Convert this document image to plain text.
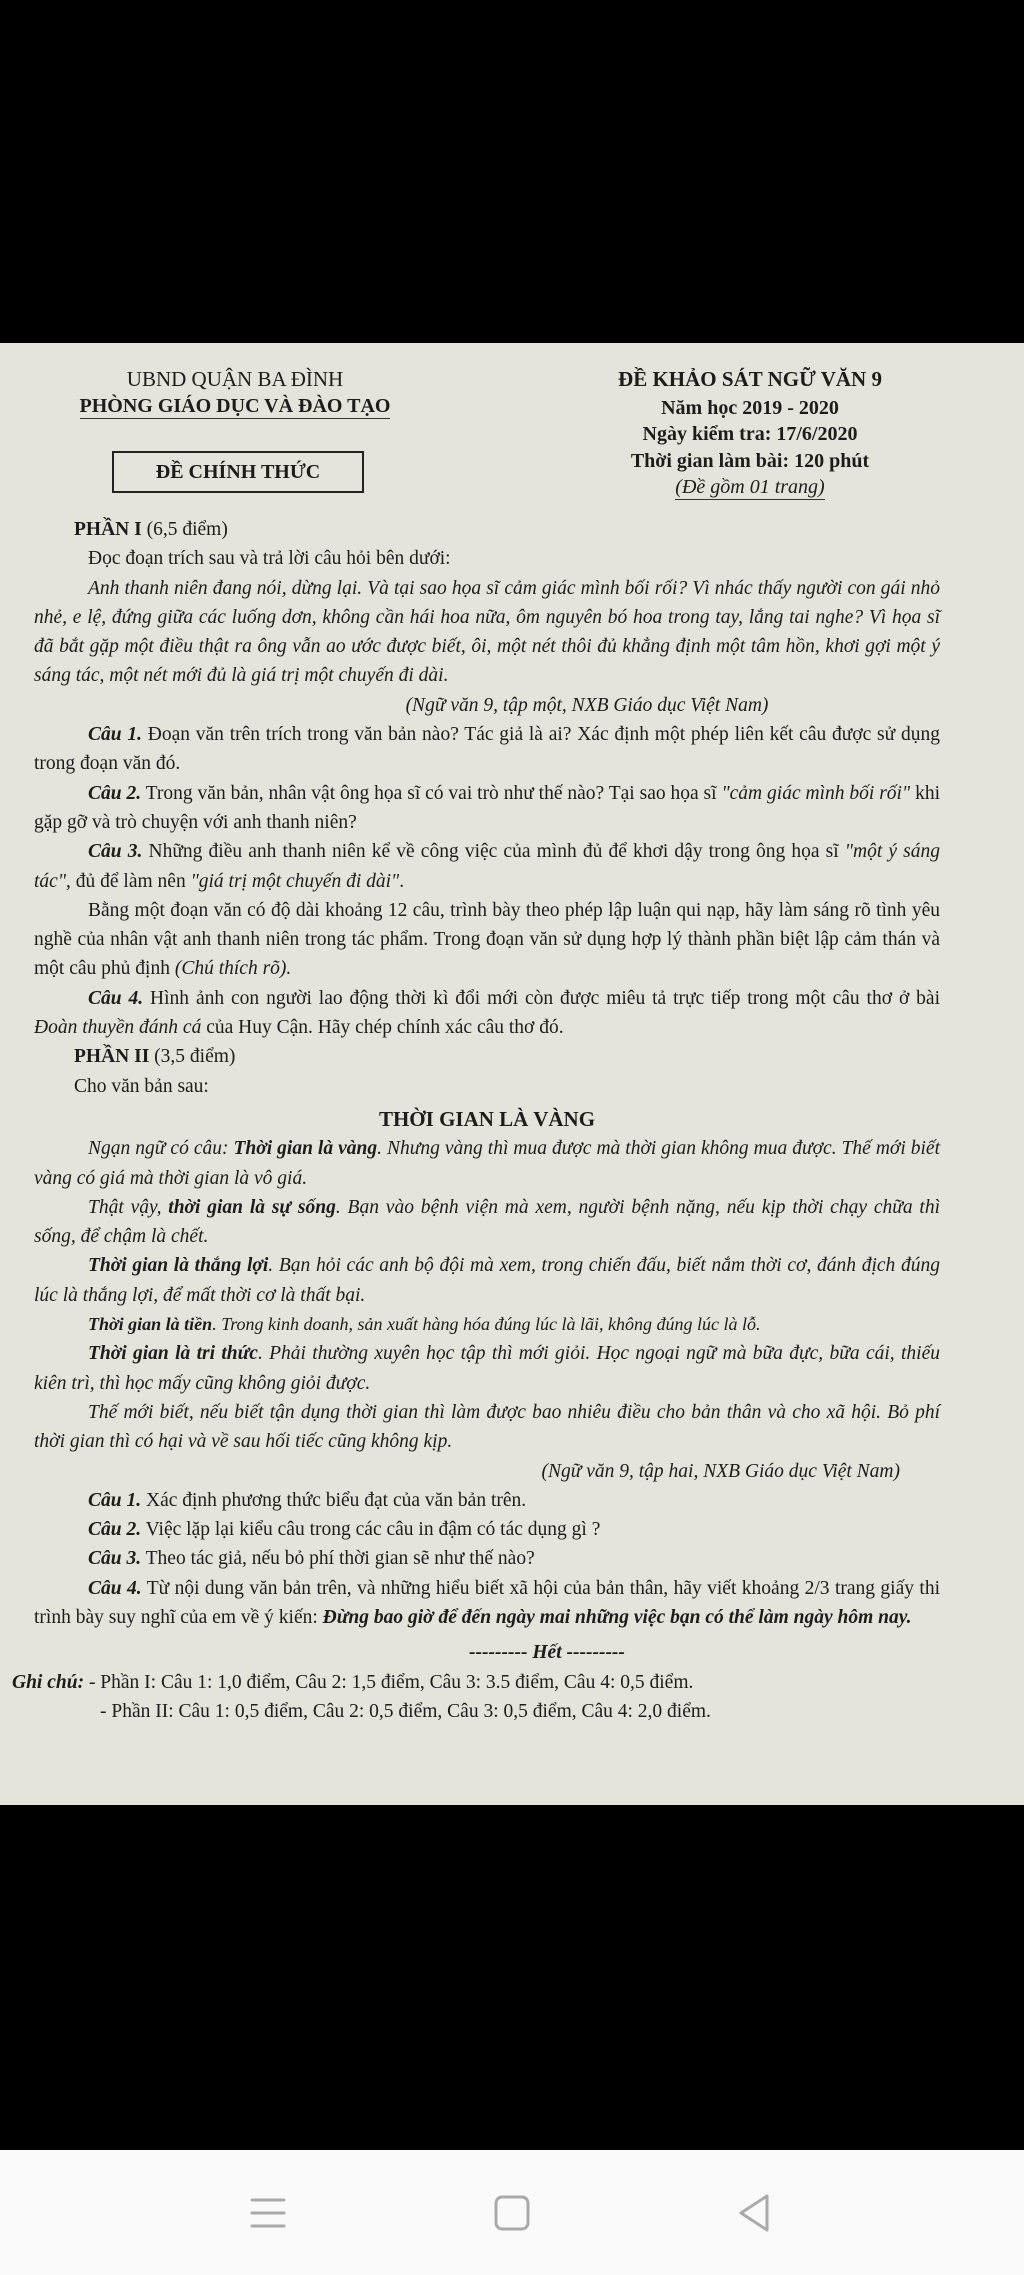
UBND QUẬN BA ĐÌNH
PHÒNG GIÁO DỤC VÀ ĐÀO TẠO
ĐỀ CHÍNH THỨC
ĐỀ KHẢO SÁT NGỮ VĂN 9
Năm học 2019 - 2020
Ngày kiểm tra: 17/6/2020
Thời gian làm bài: 120 phút
(Đề gồm 01 trang)

PHẦN I (6,5 điểm)

Đọc đoạn trích sau và trả lời câu hỏi bên dưới:

Anh thanh niên đang nói, dừng lại. Và tại sao họa sĩ cảm giác mình bối rối? Vì nhác thấy người con gái nhỏ nhẻ, e lệ, đứng giữa các luống dơn, không cần hái hoa nữa, ôm nguyên bó hoa trong tay, lắng tai nghe? Vì họa sĩ đã bắt gặp một điều thật ra ông vẫn ao ước được biết, ôi, một nét thôi đủ khẳng định một tâm hồn, khơi gợi một ý sáng tác, một nét mới đủ là giá trị một chuyến đi dài.

(Ngữ văn 9, tập một, NXB Giáo dục Việt Nam)

Câu 1. Đoạn văn trên trích trong văn bản nào? Tác giả là ai? Xác định một phép liên kết câu được sử dụng trong đoạn văn đó.

Câu 2. Trong văn bản, nhân vật ông họa sĩ có vai trò như thế nào? Tại sao họa sĩ "cảm giác mình bối rối" khi gặp gỡ và trò chuyện với anh thanh niên?

Câu 3. Những điều anh thanh niên kể về công việc của mình đủ để khơi dậy trong ông họa sĩ "một ý sáng tác", đủ để làm nên "giá trị một chuyến đi dài".

Bằng một đoạn văn có độ dài khoảng 12 câu, trình bày theo phép lập luận qui nạp, hãy làm sáng rõ tình yêu nghề của nhân vật anh thanh niên trong tác phẩm. Trong đoạn văn sử dụng hợp lý thành phần biệt lập cảm thán và một câu phủ định (Chú thích rõ).

Câu 4. Hình ảnh con người lao động thời kì đổi mới còn được miêu tả trực tiếp trong một câu thơ ở bài Đoàn thuyền đánh cá của Huy Cận. Hãy chép chính xác câu thơ đó.

PHẦN II (3,5 điểm)

Cho văn bản sau:

THỜI GIAN LÀ VÀNG

Ngạn ngữ có câu: Thời gian là vàng. Nhưng vàng thì mua được mà thời gian không mua được. Thế mới biết vàng có giá mà thời gian là vô giá.

Thật vậy, thời gian là sự sống. Bạn vào bệnh viện mà xem, người bệnh nặng, nếu kịp thời chạy chữa thì sống, để chậm là chết.

Thời gian là thắng lợi. Bạn hỏi các anh bộ đội mà xem, trong chiến đấu, biết nắm thời cơ, đánh địch đúng lúc là thắng lợi, để mất thời cơ là thất bại.

Thời gian là tiền. Trong kinh doanh, sản xuất hàng hóa đúng lúc là lãi, không đúng lúc là lỗ.

Thời gian là tri thức. Phải thường xuyên học tập thì mới giỏi. Học ngoại ngữ mà bữa đực, bữa cái, thiếu kiên trì, thì học mấy cũng không giỏi được.

Thế mới biết, nếu biết tận dụng thời gian thì làm được bao nhiêu điều cho bản thân và cho xã hội. Bỏ phí thời gian thì có hại và về sau hối tiếc cũng không kịp.

(Ngữ văn 9, tập hai, NXB Giáo dục Việt Nam)

Câu 1. Xác định phương thức biểu đạt của văn bản trên.

Câu 2. Việc lặp lại kiểu câu trong các câu in đậm có tác dụng gì ?

Câu 3. Theo tác giả, nếu bỏ phí thời gian sẽ như thế nào?

Câu 4. Từ nội dung văn bản trên, và những hiểu biết xã hội của bản thân, hãy viết khoảng 2/3 trang giấy thi trình bày suy nghĩ của em về ý kiến: Đừng bao giờ để đến ngày mai những việc bạn có thể làm ngày hôm nay.

--------- Hết ---------

Ghi chú: - Phần I: Câu 1: 1,0 điểm, Câu 2: 1,5 điểm, Câu 3: 3.5 điểm, Câu 4: 0,5 điểm.

- Phần II: Câu 1: 0,5 điểm, Câu 2: 0,5 điểm, Câu 3: 0,5 điểm, Câu 4: 2,0 điểm.
